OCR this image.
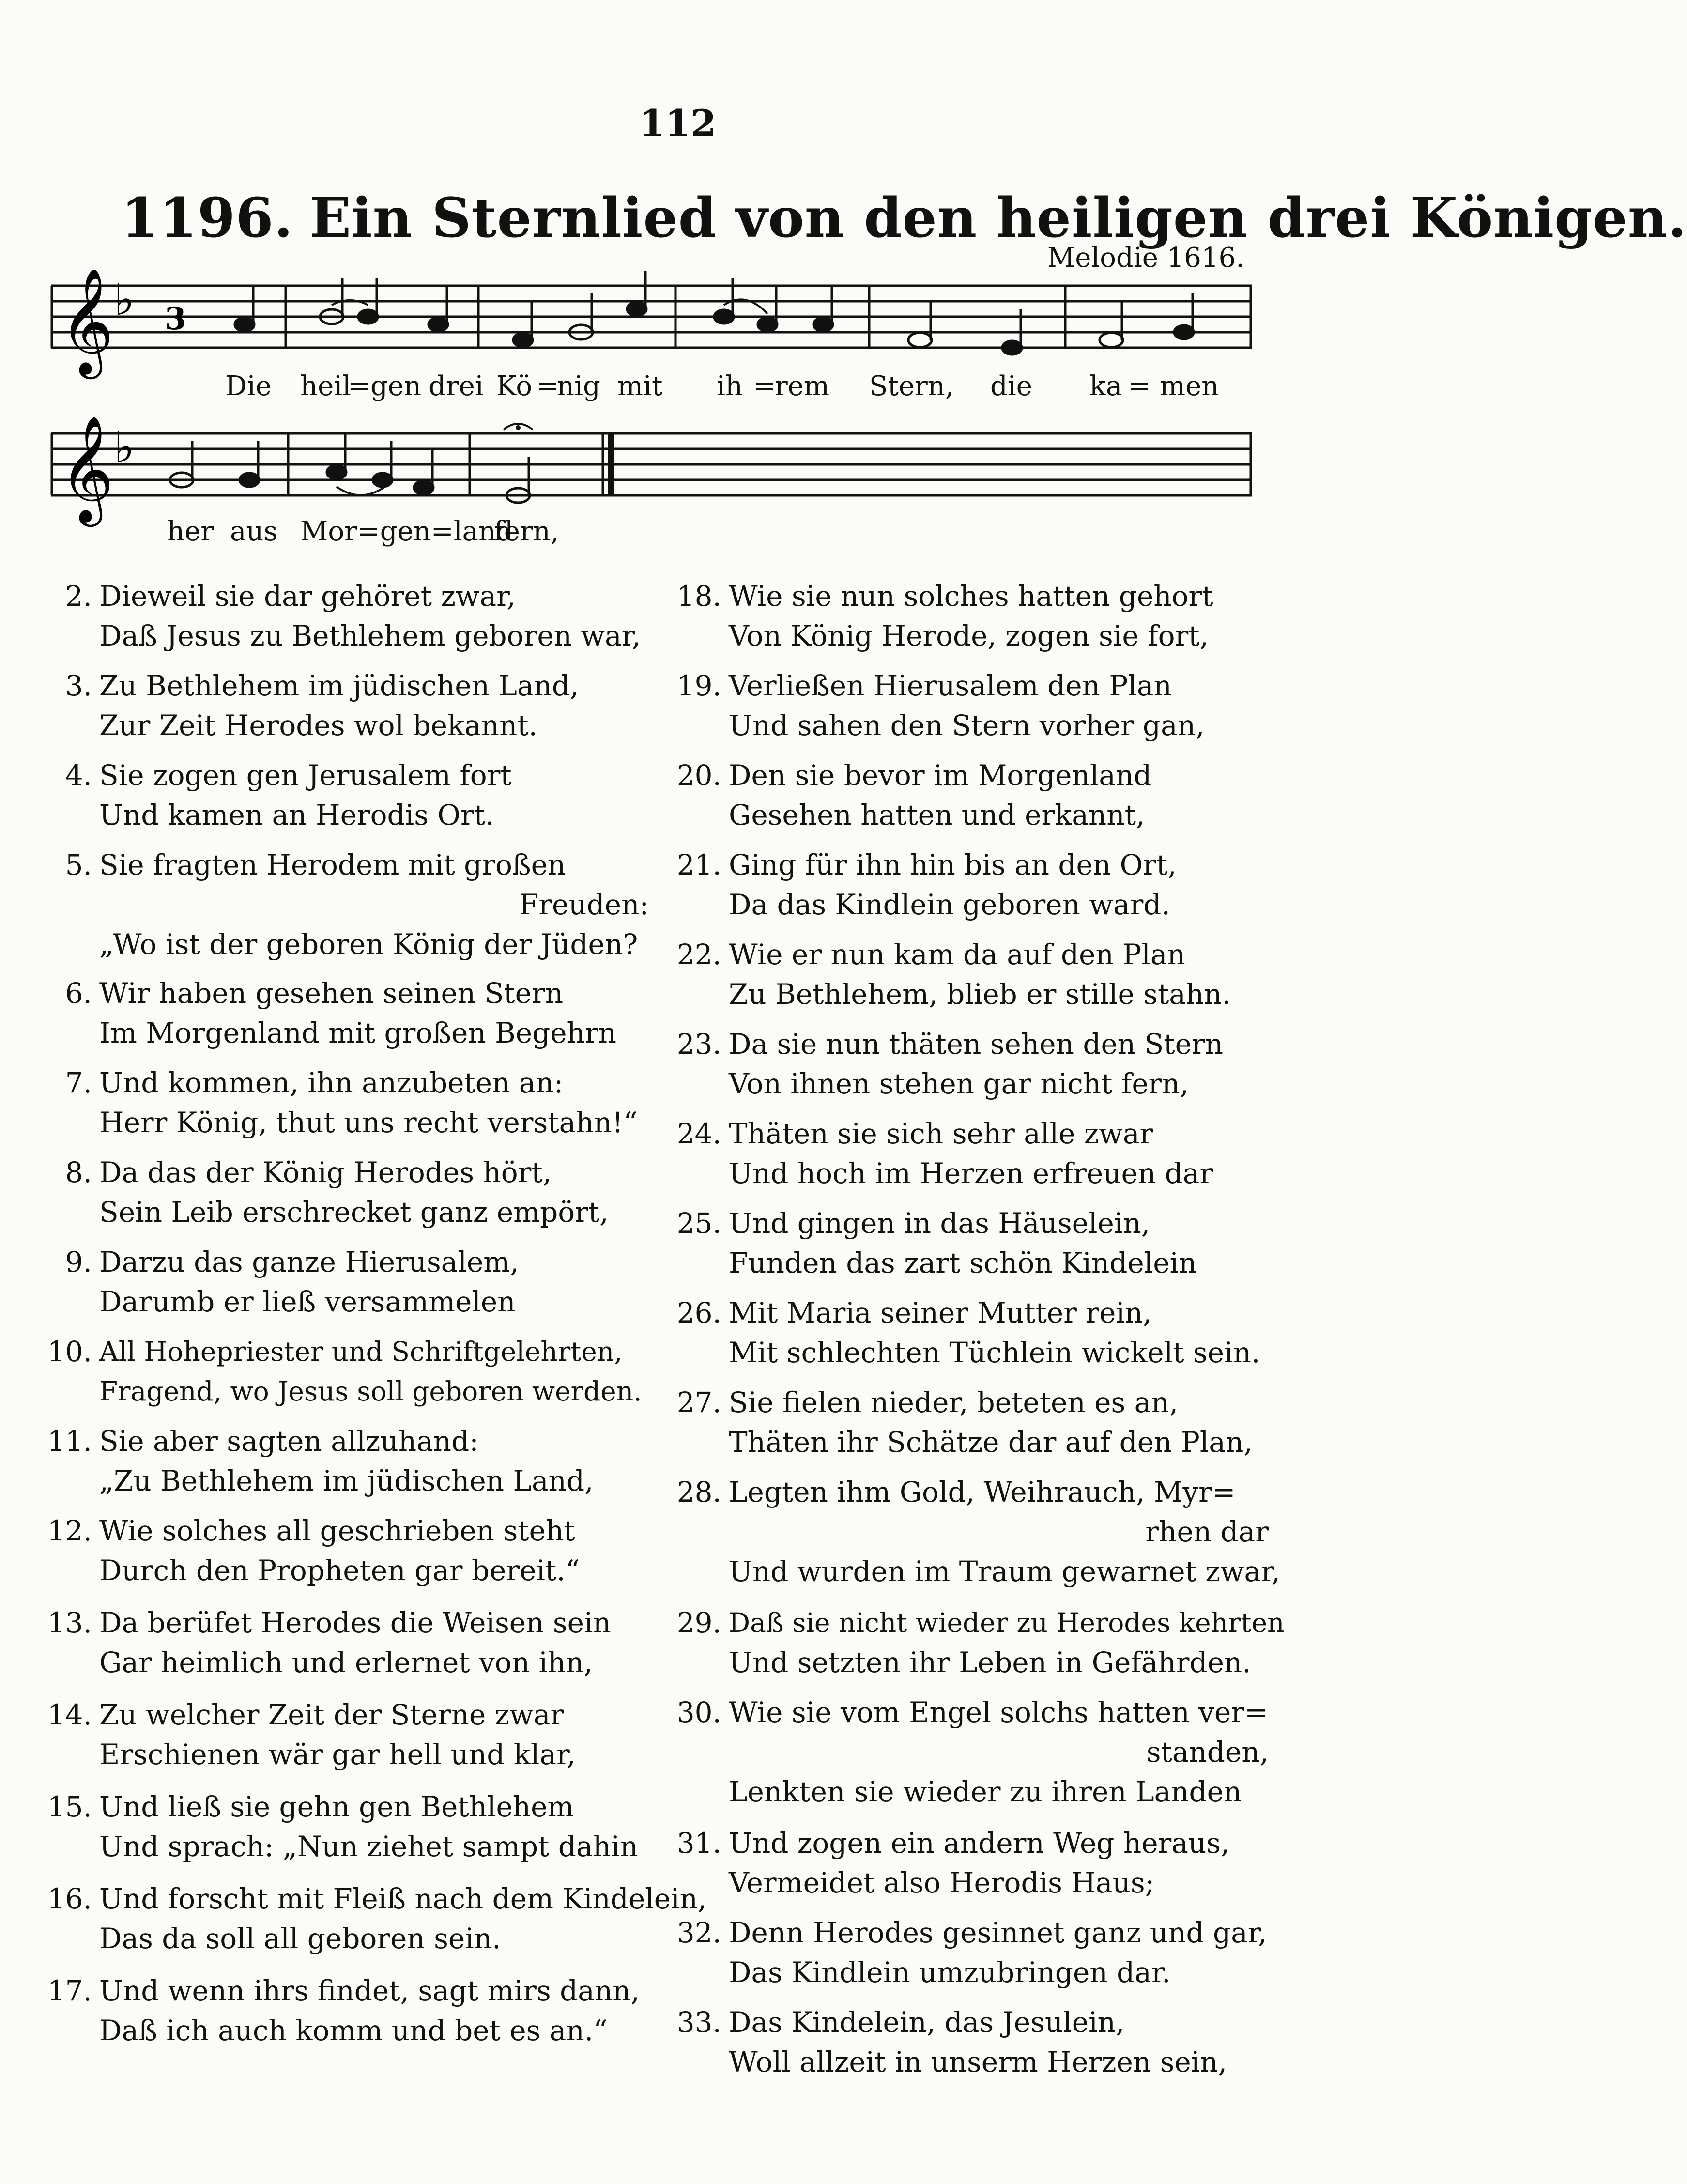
112
1196. Ein Sternlied von den heiligen drei Königen.
Melodie 1616.
𝄞 ♭ 3
Die heil
= gen drei Kö =
nig mit ih =
rem Stern, die ka = men
𝄞 ♭
her aus Mor=gen=land
fern,
2. Dieweil sie dar gehöret zwar,
Daß Jesus zu Bethlehem geboren war,
3. Zu Bethlehem im jüdischen Land,
Zur Zeit Herodes wol bekannt.
4. Sie zogen gen Jerusalem fort
Und kamen an Herodis Ort.
5. Sie fragten Herodem mit großen
Freuden:
„Wo ist der geboren König der Jüden?
6. Wir haben gesehen seinen Stern
Im Morgenland mit großen Begehrn
7. Und kommen, ihn anzubeten an:
Herr König, thut uns recht verstahn!“
8. Da das der König Herodes hört,
Sein Leib erschrecket ganz empört,
9. Darzu das ganze Hierusalem,
Darumb er ließ versammelen
10. All Hohepriester und Schriftgelehrten,
Fragend, wo Jesus soll geboren werden.
11. Sie aber sagten allzuhand:
„Zu Bethlehem im jüdischen Land,
12. Wie solches all geschrieben steht
Durch den Propheten gar bereit.“
13. Da berüfet Herodes die Weisen sein
Gar heimlich und erlernet von ihn,
14. Zu welcher Zeit der Sterne zwar
Erschienen wär gar hell und klar,
15. Und ließ sie gehn gen Bethlehem
Und sprach: „Nun ziehet sampt dahin
16. Und forscht mit Fleiß nach dem Kindelein,
Das da soll all geboren sein.
17. Und wenn ihrs findet, sagt mirs dann,
Daß ich auch komm und bet es an.“
18. Wie sie nun solches hatten gehort
Von König Herode, zogen sie fort,
19. Verließen Hierusalem den Plan
Und sahen den Stern vorher gan,
20. Den sie bevor im Morgenland
Gesehen hatten und erkannt,
21. Ging für ihn hin bis an den Ort,
Da das Kindlein geboren ward.
22. Wie er nun kam da auf den Plan
Zu Bethlehem, blieb er stille stahn.
23. Da sie nun thäten sehen den Stern
Von ihnen stehen gar nicht fern,
24. Thäten sie sich sehr alle zwar
Und hoch im Herzen erfreuen dar
25. Und gingen in das Häuselein,
Funden das zart schön Kindelein
26. Mit Maria seiner Mutter rein,
Mit schlechten Tüchlein wickelt sein.
27. Sie fielen nieder, beteten es an,
Thäten ihr Schätze dar auf den Plan,
28. Legten ihm Gold, Weihrauch, Myr=
rhen dar
Und wurden im Traum gewarnet zwar,
29. Daß sie nicht wieder zu Herodes kehrten
Und setzten ihr Leben in Gefährden.
30. Wie sie vom Engel solchs hatten ver=
standen,
Lenkten sie wieder zu ihren Landen
31. Und zogen ein andern Weg heraus,
Vermeidet also Herodis Haus;
32. Denn Herodes gesinnet ganz und gar,
Das Kindlein umzubringen dar.
33. Das Kindelein, das Jesulein,
Woll allzeit in unserm Herzen sein,
